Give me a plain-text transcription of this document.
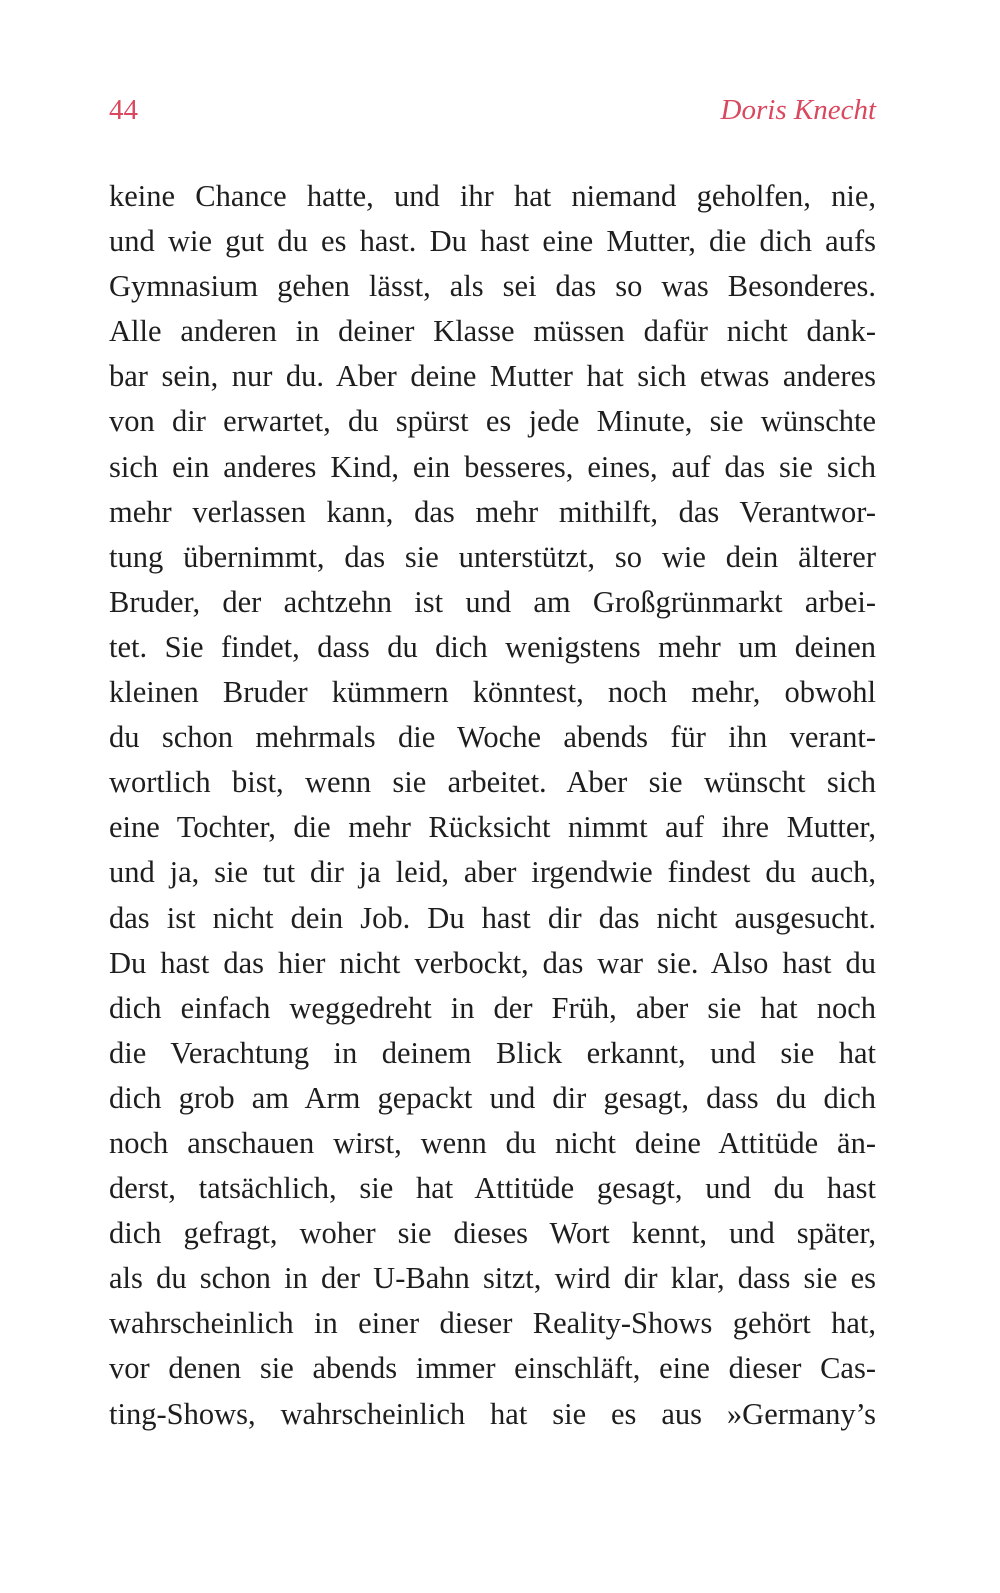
44	Doris Knecht
keine Chance hatte, und ihr hat niemand geholfen, nie,
und wie gut du es hast. Du hast eine Mutter, die dich aufs
Gymnasium gehen lässt, als sei das so was Besonderes.
Alle anderen in deiner Klasse müssen dafür nicht dank-
bar sein, nur du. Aber deine Mutter hat sich etwas anderes
von dir erwartet, du spürst es jede Minute, sie wünschte
sich ein anderes Kind, ein besseres, eines, auf das sie sich
mehr verlassen kann, das mehr mithilft, das Verantwor-
tung übernimmt, das sie unterstützt, so wie dein älterer
Bruder, der achtzehn ist und am Großgrünmarkt arbei-
tet. Sie findet, dass du dich wenigstens mehr um deinen
kleinen Bruder kümmern könntest, noch mehr, obwohl
du schon mehrmals die Woche abends für ihn verant-
wortlich bist, wenn sie arbeitet. Aber sie wünscht sich
eine Tochter, die mehr Rücksicht nimmt auf ihre Mutter,
und ja, sie tut dir ja leid, aber irgendwie findest du auch,
das ist nicht dein Job. Du hast dir das nicht ausgesucht.
Du hast das hier nicht verbockt, das war sie. Also hast du
dich einfach weggedreht in der Früh, aber sie hat noch
die Verachtung in deinem Blick erkannt, und sie hat
dich grob am Arm gepackt und dir gesagt, dass du dich
noch anschauen wirst, wenn du nicht deine Attitüde än-
derst, tatsächlich, sie hat Attitüde gesagt, und du hast
dich gefragt, woher sie dieses Wort kennt, und später,
als du schon in der U-Bahn sitzt, wird dir klar, dass sie es
wahrscheinlich in einer dieser Reality-Shows gehört hat,
vor denen sie abends immer einschläft, eine dieser Cas-
ting-Shows, wahrscheinlich hat sie es aus »Germany’s
